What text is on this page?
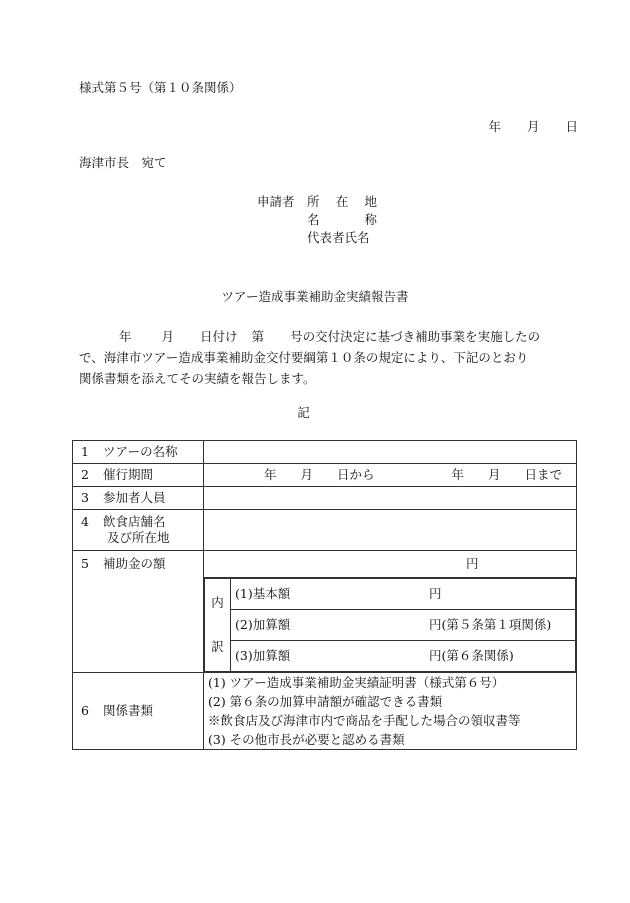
様式第５号（第１０条関係）
年 月 日
海津市長　宛て
申請者 所 在 地
名	称
代表者氏名
ツアー造成事業補助金実績報告書
年 月 日付け 第 号の交付決定に基づき補助事業を実施したの
で、海津市ツアー造成事業補助金交付要綱第１０条の規定により、下記のとおり
関係書類を添えてその実績を報告します。
記
1 ツアーの名称	
2 催行期間	年 月 日から	年 月 日まで

3 参加者人員	

4 飲食店舗名
及び所在地

5 補助金の額	円

内
訳
	(1)基本額	円
(2)加算額	円(第５条第１項関係)
(3)加算額	円(第６条関係)

6 関係書類	
(1) ツアー造成事業補助金実績証明書（様式第６号）
(2) 第６条の加算申請額が確認できる書類
※飲食店及び海津市内で商品を手配した場合の領収書等
(3) その他市長が必要と認める書類
